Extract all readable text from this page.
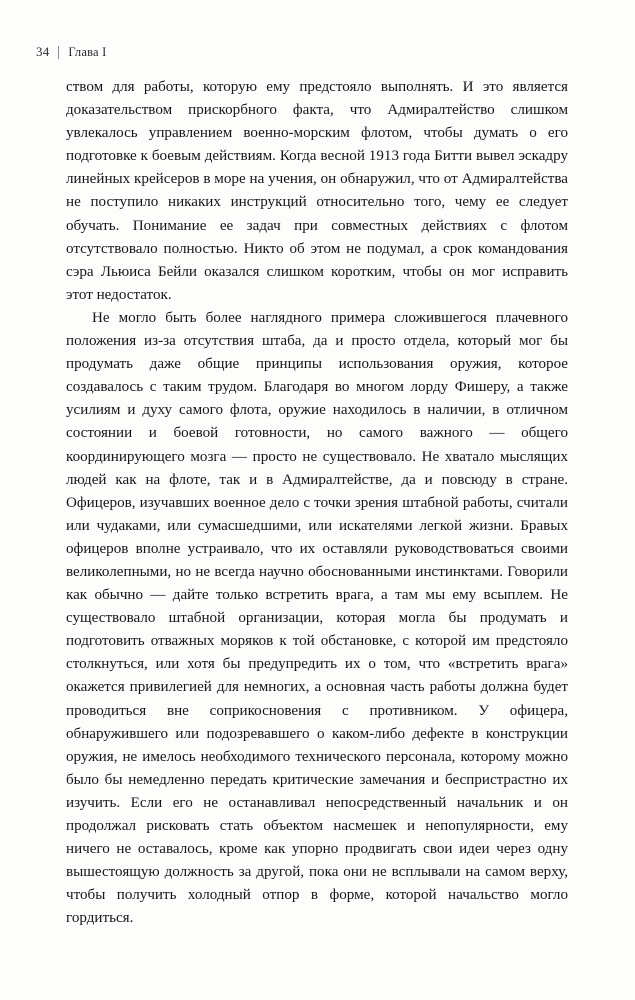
34 Глава I

ством для работы, которую ему предстояло выполнять. И это является доказательством прискорбного факта, что Адмиралтейство слишком увлекалось управлением военно-морским флотом, чтобы думать о его подготовке к боевым действиям. Когда весной 1913 года Битти вывел эскадру линейных крейсеров в море на учения, он обнаружил, что от Адмиралтейства не поступило никаких инструкций относительно того, чему ее следует обучать. Понимание ее задач при совместных действиях с флотом отсутствовало полностью. Никто об этом не подумал, а срок командования сэра Льюиса Бейли оказался слишком коротким, чтобы он мог исправить этот недостаток.

Не могло быть более наглядного примера сложившегося плачевного положения из-за отсутствия штаба, да и просто отдела, который мог бы продумать даже общие принципы использования оружия, которое создавалось с таким трудом. Благодаря во многом лорду Фишеру, а также усилиям и духу самого флота, оружие находилось в наличии, в отличном состоянии и боевой готовности, но самого важного — общего координирующего мозга — просто не существовало. Не хватало мыслящих людей как на флоте, так и в Адмиралтействе, да и повсюду в стране. Офицеров, изучавших военное дело с точки зрения штабной работы, считали или чудаками, или сумасшедшими, или искателями легкой жизни. Бравых офицеров вполне устраивало, что их оставляли руководствоваться своими великолепными, но не всегда научно обоснованными инстинктами. Говорили как обычно — дайте только встретить врага, а там мы ему всыплем. Не существовало штабной организации, которая могла бы продумать и подготовить отважных моряков к той обстановке, с которой им предстояло столкнуться, или хотя бы предупредить их о том, что «встретить врага» окажется привилегией для немногих, а основная часть работы должна будет проводиться вне соприкосновения с противником. У офицера, обнаружившего или подозревавшего о каком-либо дефекте в конструкции оружия, не имелось необходимого технического персонала, которому можно было бы немедленно передать критические замечания и беспристрастно их изучить. Если его не останавливал непосредственный начальник и он продолжал рисковать стать объектом насмешек и непопулярности, ему ничего не оставалось, кроме как упорно продвигать свои идеи через одну вышестоящую должность за другой, пока они не всплывали на самом верху, чтобы получить холодный отпор в форме, которой начальство могло гордиться.
